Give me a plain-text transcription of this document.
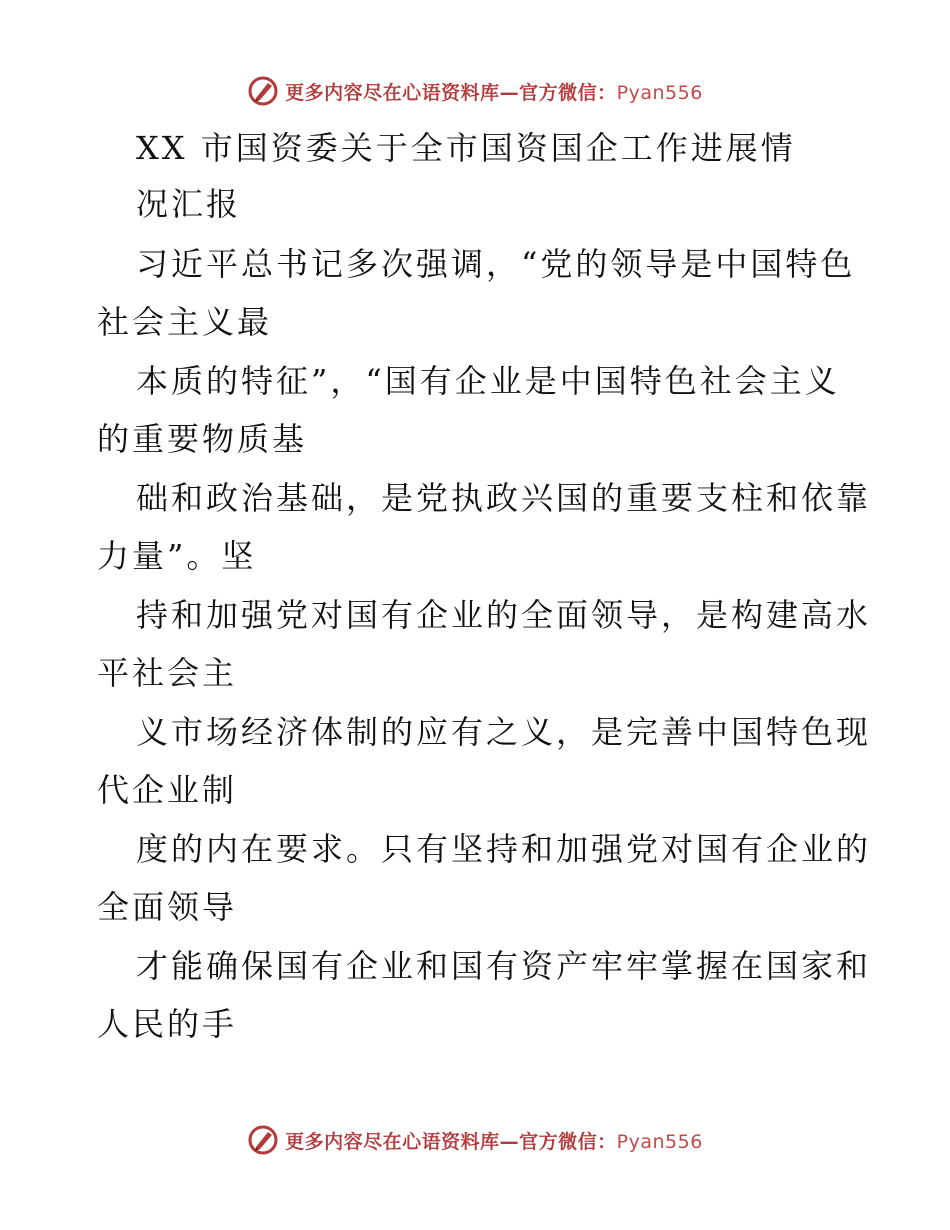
更多内容尽在心语资料库—官方微信：Pyan556
XX 市国资委关于全市国资国企工作进展情
况汇报
习近平总书记多次强调，“党的领导是中国特色
社会主义最
本质的特征”，“国有企业是中国特色社会主义
的重要物质基
础和政治基础，是党执政兴国的重要支柱和依靠
力量”。坚
持和加强党对国有企业的全面领导，是构建高水
平社会主
义市场经济体制的应有之义，是完善中国特色现
代企业制
度的内在要求。只有坚持和加强党对国有企业的
全面领导
才能确保国有企业和国有资产牢牢掌握在国家和
人民的手
更多内容尽在心语资料库—官方微信：Pyan556
